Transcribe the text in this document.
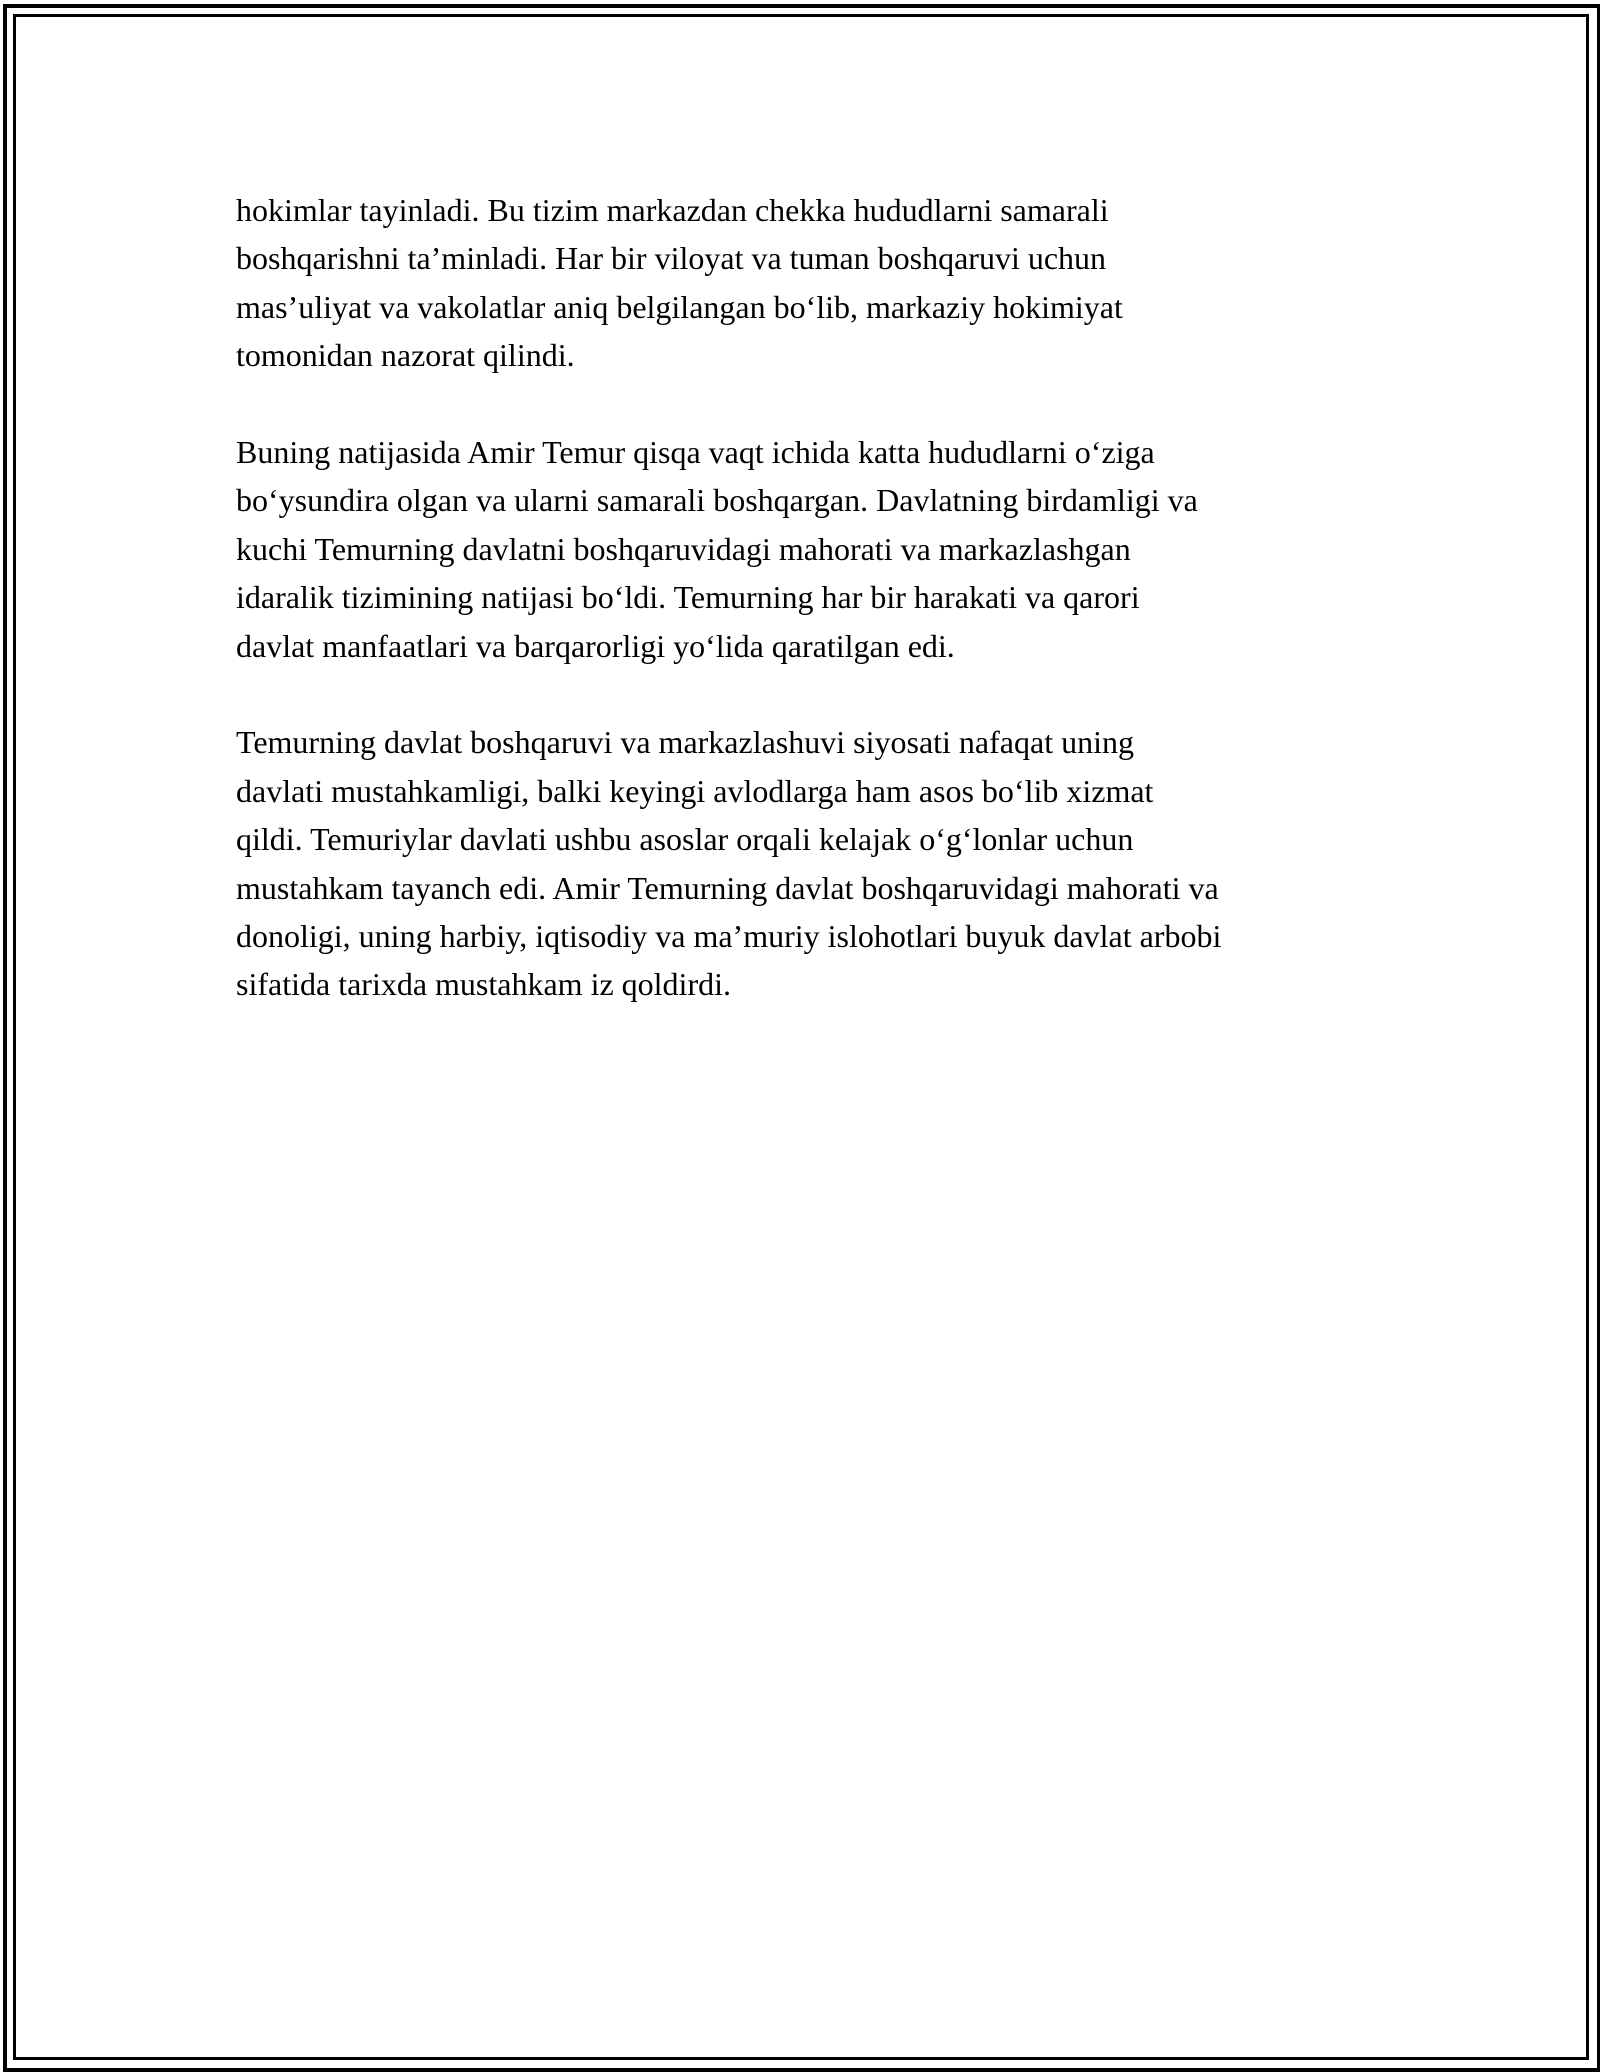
hokimlar tayinladi. Bu tizim markazdan chekka hududlarni samarali
boshqarishni ta’minladi. Har bir viloyat va tuman boshqaruvi uchun
mas’uliyat va vakolatlar aniq belgilangan bo‘lib, markaziy hokimiyat
tomonidan nazorat qilindi.

Buning natijasida Amir Temur qisqa vaqt ichida katta hududlarni o‘ziga
bo‘ysundira olgan va ularni samarali boshqargan. Davlatning birdamligi va
kuchi Temurning davlatni boshqaruvidagi mahorati va markazlashgan
idaralik tizimining natijasi bo‘ldi. Temurning har bir harakati va qarori
davlat manfaatlari va barqarorligi yo‘lida qaratilgan edi.

Temurning davlat boshqaruvi va markazlashuvi siyosati nafaqat uning
davlati mustahkamligi, balki keyingi avlodlarga ham asos bo‘lib xizmat
qildi. Temuriylar davlati ushbu asoslar orqali kelajak o‘g‘lonlar uchun
mustahkam tayanch edi. Amir Temurning davlat boshqaruvidagi mahorati va
donoligi, uning harbiy, iqtisodiy va ma’muriy islohotlari buyuk davlat arbobi
sifatida tarixda mustahkam iz qoldirdi.
